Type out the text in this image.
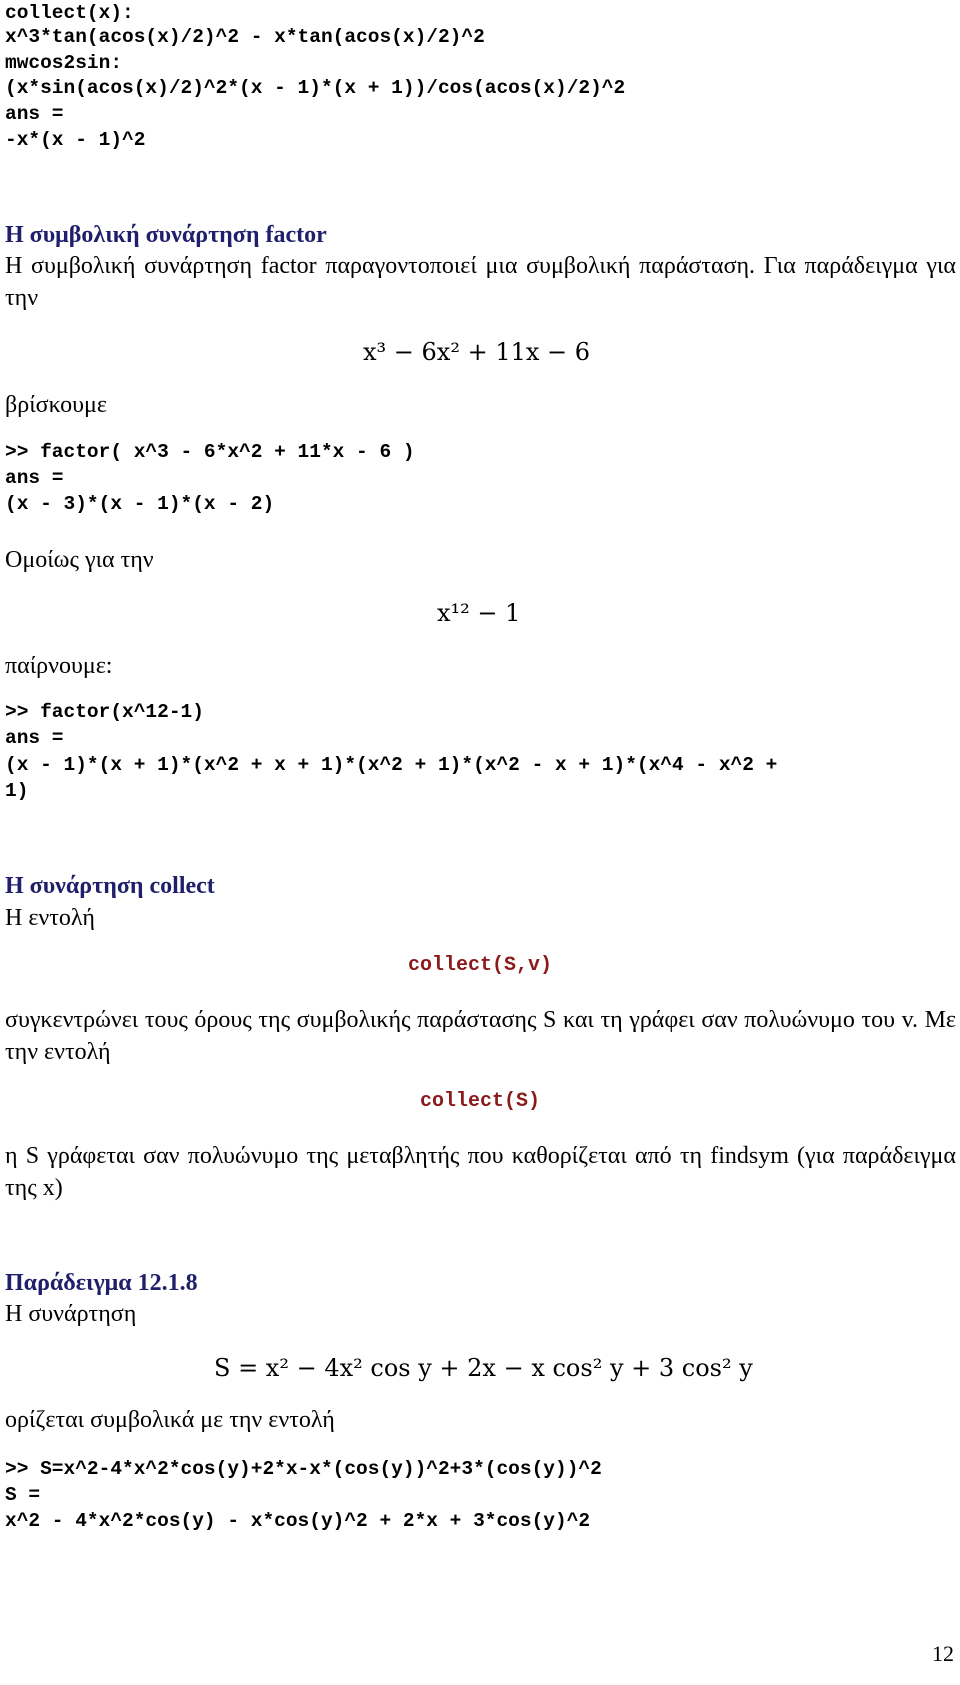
collect(x):
x^3*tan(acos(x)/2)^2 - x*tan(acos(x)/2)^2
mwcos2sin:
(x*sin(acos(x)/2)^2*(x - 1)*(x + 1))/cos(acos(x)/2)^2
ans =
-x*(x - 1)^2
Η συμβολική συνάρτηση factor
Η συμβολική συνάρτηση factor παραγοντοποιεί μια συμβολική παράσταση. Για παράδειγμα για την
x³ − 6x² + 11x − 6
βρίσκουμε
>> factor( x^3 - 6*x^2 + 11*x - 6 )
ans =
(x - 3)*(x - 1)*(x - 2)
Ομοίως για την
x¹² − 1
παίρνουμε:
>> factor(x^12-1)
ans =
(x - 1)*(x + 1)*(x^2 + x + 1)*(x^2 + 1)*(x^2 - x + 1)*(x^4 - x^2 +
1)
Η συνάρτηση collect
Η εντολή
collect(S,v)
συγκεντρώνει τους όρους της συμβολικής παράστασης S και τη γράφει σαν πολυώνυμο του v. Με την εντολή
collect(S)
η S γράφεται σαν πολυώνυμο της μεταβλητής που καθορίζεται από τη findsym (για παράδειγμα της x)
Παράδειγμα 12.1.8
Η συνάρτηση
S = x² − 4x² cos y + 2x − x cos² y + 3 cos² y
ορίζεται συμβολικά με την εντολή
>> S=x^2-4*x^2*cos(y)+2*x-x*(cos(y))^2+3*(cos(y))^2
S =
x^2 - 4*x^2*cos(y) - x*cos(y)^2 + 2*x + 3*cos(y)^2
12
